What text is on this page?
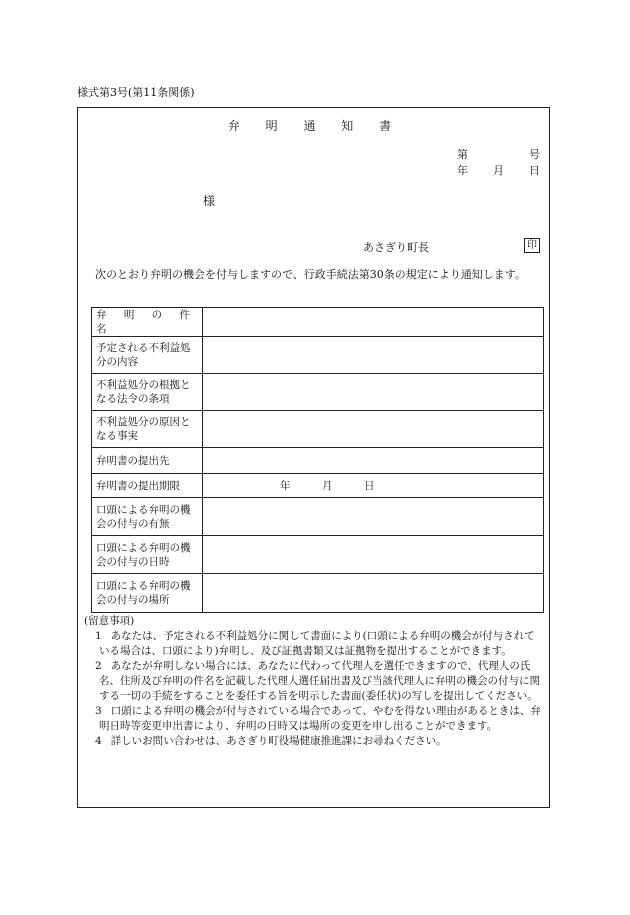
様式第3号(第11条関係)
弁 明 通 知 書
第	号
年 月 日
様
あさぎり町長	印
次のとおり弁明の機会を付与しますので、行政手続法第30条の規定により通知します。
弁 明 の 件 名	
予定される不利益処分の内容	
不利益処分の根拠となる法令の条項	
不利益処分の原因となる事実	
弁明書の提出先	
弁明書の提出期限	年　　　月　　　日
口頭による弁明の機会の付与の有無	
口頭による弁明の機会の付与の日時	
口頭による弁明の機会の付与の場所	
(留意事項)

1 あなたは、予定される不利益処分に関して書面により(口頭による弁明の機会が付与されている場合は、口頭により)弁明し、及び証拠書類又は証拠物を提出することができます。

2 あなたが弁明しない場合には、あなたに代わって代理人を選任できますので、代理人の氏名、住所及び弁明の件名を記載した代理人選任届出書及び当該代理人に弁明の機会の付与に関する一切の手続をすることを委任する旨を明示した書面(委任状)の写しを提出してください。

3 口頭による弁明の機会が付与されている場合であって、やむを得ない理由があるときは、弁明日時等変更申出書により、弁明の日時又は場所の変更を申し出ることができます。

4 詳しいお問い合わせは、あさぎり町役場健康推進課にお尋ねください。
